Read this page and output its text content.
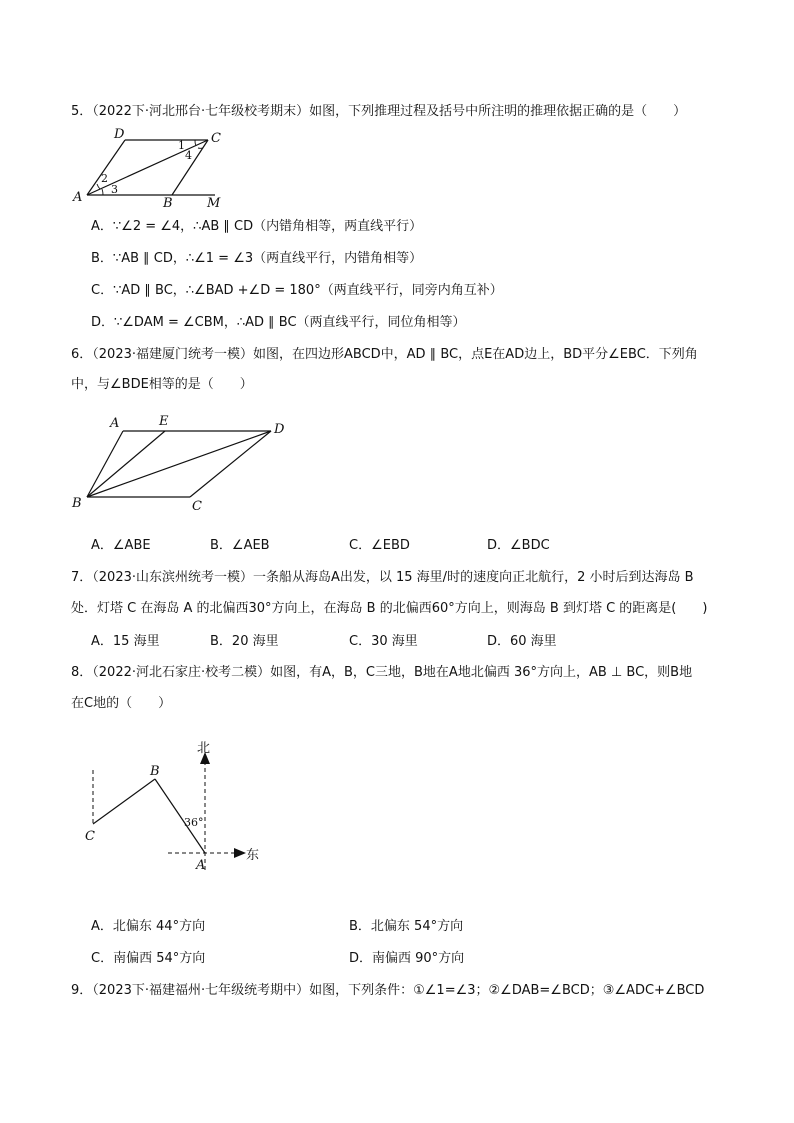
5．（2022下·河北邢台·七年级校考期末）如图，下列推理过程及括号中所注明的推理依据正确的是（　　）
D	C
A	B	M
1
2
3
4
A．∵∠2 = ∠4，∴AB ∥ CD（内错角相等，两直线平行）
B．∵AB ∥ CD，∴∠1 = ∠3（两直线平行，内错角相等）
C．∵AD ∥ BC，∴∠BAD +∠D = 180°（两直线平行，同旁内角互补）
D．∵∠DAM = ∠CBM，∴AD ∥ BC（两直线平行，同位角相等）
6．（2023·福建厦门统考一模）如图，在四边形ABCD中，AD ∥ BC，点E在AD边上，BD平分∠EBC．下列角
中，与∠BDE相等的是（　　）
A	E
D
B	C
A．∠ABE	B．∠AEB	C．∠EBD	D．∠BDC
7．（2023·山东滨州统考一模）一条船从海岛A出发，以 15 海里/时的速度向正北航行，2 小时后到达海岛 B
处．灯塔 C 在海岛 A 的北偏西30°方向上，在海岛 B 的北偏西60°方向上，则海岛 B 到灯塔 C 的距离是(　　)
A．15 海里	B．20 海里	C．30 海里	D．60 海里
8．（2022·河北石家庄·校考二模）如图，有A，B，C三地，B地在A地北偏西 36°方向上，AB ⊥ BC，则B地
在C地的（　　）
北
东
36°
A
B
C
A．北偏东 44°方向	B．北偏东 54°方向
C．南偏西 54°方向	D．南偏西 90°方向
9．（2023下·福建福州·七年级统考期中）如图，下列条件：①∠1=∠3；②∠DAB=∠BCD；③∠ADC+∠BCD
